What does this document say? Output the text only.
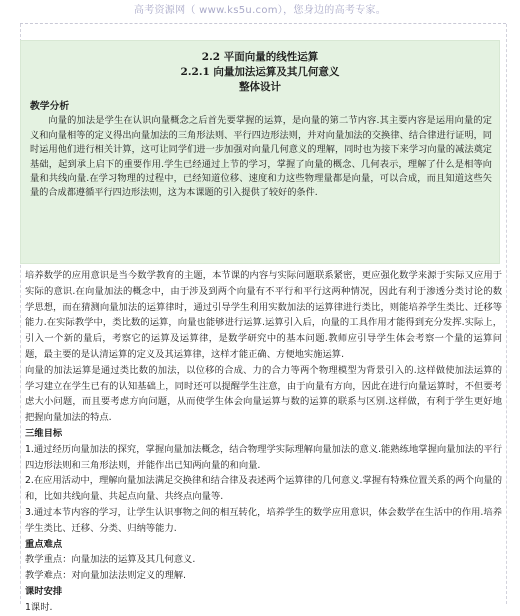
高考资源网（ www.ks5u.com），您身边的高考专家。
2.2 平面向量的线性运算
2.2.1 向量加法运算及其几何意义
整体设计
教学分析
向量的加法是学生在认识向量概念之后首先要掌握的运算，是向量的第二节内容.其主要内容是运用向量的定义和向量相等的定义得出向量加法的三角形法则、平行四边形法则，并对向量加法的交换律、结合律进行证明，同时运用他们进行相关计算，这可让同学们进一步加强对向量几何意义的理解，同时也为接下来学习向量的减法奠定基础，起到承上启下的重要作用.学生已经通过上节的学习，掌握了向量的概念、几何表示，理解了什么是相等向量和共线向量.在学习物理的过程中，已经知道位移、速度和力这些物理量都是向量，可以合成，而且知道这些矢量的合成都遵循平行四边形法则，这为本课题的引入提供了较好的条件.

培养数学的应用意识是当今数学教育的主题，本节课的内容与实际问题联系紧密，更应强化数学来源于实际又应用于实际的意识.在向量加法的概念中，由于涉及到两个向量有不平行和平行这两种情况，因此有利于渗透分类讨论的数学思想，而在猜测向量加法的运算律时，通过引导学生利用实数加法的运算律进行类比，则能培养学生类比、迁移等能力.在实际教学中，类比数的运算，向量也能够进行运算.运算引入后，向量的工具作用才能得到充分发挥.实际上，引入一个新的量后，考察它的运算及运算律，是数学研究中的基本问题.教师应引导学生体会考察一个量的运算问题，最主要的是认清运算的定义及其运算律，这样才能正确、方便地实施运算.

向量的加法运算是通过类比数的加法，以位移的合成、力的合力等两个物理模型为背景引入的.这样做使加法运算的学习建立在学生已有的认知基础上，同时还可以提醒学生注意，由于向量有方向，因此在进行向量运算时，不但要考虑大小问题，而且要考虑方向问题，从而使学生体会向量运算与数的运算的联系与区别.这样做，有利于学生更好地把握向量加法的特点.

三维目标

1.通过经历向量加法的探究，掌握向量加法概念，结合物理学实际理解向量加法的意义.能熟练地掌握向量加法的平行四边形法则和三角形法则，并能作出已知两向量的和向量.

2.在应用活动中，理解向量加法满足交换律和结合律及表述两个运算律的几何意义.掌握有特殊位置关系的两个向量的和，比如共线向量、共起点向量、共终点向量等.

3.通过本节内容的学习，让学生认识事物之间的相互转化，培养学生的数学应用意识，体会数学在生活中的作用.培养学生类比、迁移、分类、归纳等能力.

重点难点

教学重点：向量加法的运算及其几何意义.

教学难点：对向量加法法则定义的理解.

课时安排

1课时.
